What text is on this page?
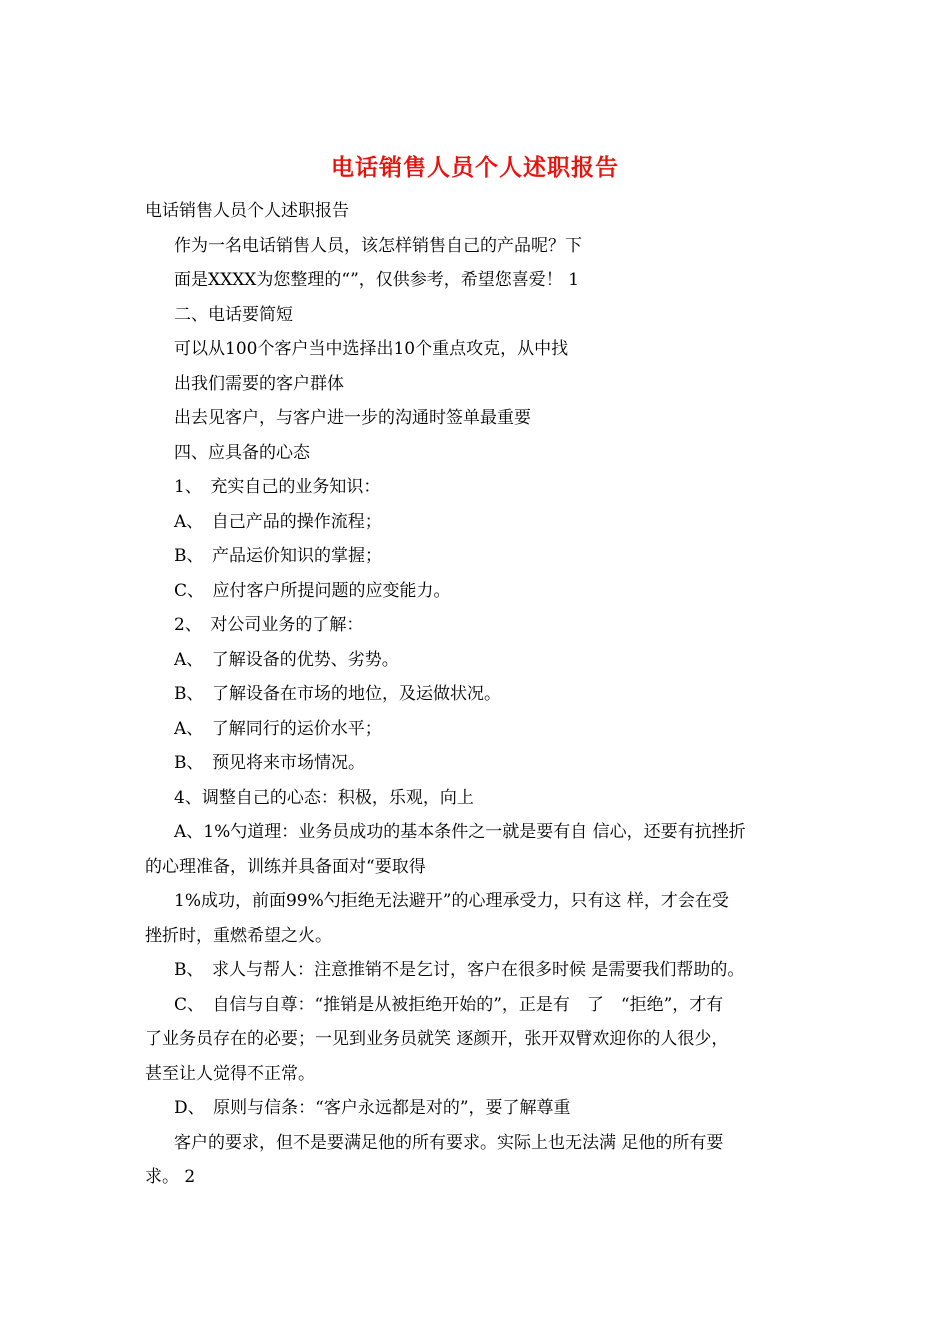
电话销售人员个人述职报告
电话销售人员个人述职报告
作为一名电话销售人员，该怎样销售自己的产品呢？下
面是XXXX为您整理的“”，仅供参考，希望您喜爱！ 1
二、电话要简短
可以从100个客户当中选择出10个重点攻克，从中找
出我们需要的客户群体
出去见客户，与客户进一步的沟通时签单最重要
四、应具备的心态
1、　充实自己的业务知识：
A、　自己产品的操作流程；
B、　产品运价知识的掌握；
C、　应付客户所提问题的应变能力。
2、　对公司业务的了解：
A、　了解设备的优势、劣势。
B、　了解设备在市场的地位，及运做状况。
A、　了解同行的运价水平；
B、　预见将来市场情况。
4、调整自己的心态：积极，乐观，向上
A、1%勺道理：业务员成功的基本条件之一就是要有自 信心，还要有抗挫折
的心理准备，训练并具备面对“要取得
1%成功，前面99%勺拒绝无法避开”的心理承受力，只有这 样，才会在受
挫折时，重燃希望之火。
B、　求人与帮人：注意推销不是乞讨，客户在很多时候 是需要我们帮助的。
C、　自信与自尊：“推销是从被拒绝开始的”，正是有　了　“拒绝”，才有
了业务员存在的必要；一见到业务员就笑 逐颜开，张开双臂欢迎你的人很少，
甚至让人觉得不正常。
D、　原则与信条：“客户永远都是对的”，要了解尊重
客户的要求，但不是要满足他的所有要求。实际上也无法满 足他的所有要
求。 2
